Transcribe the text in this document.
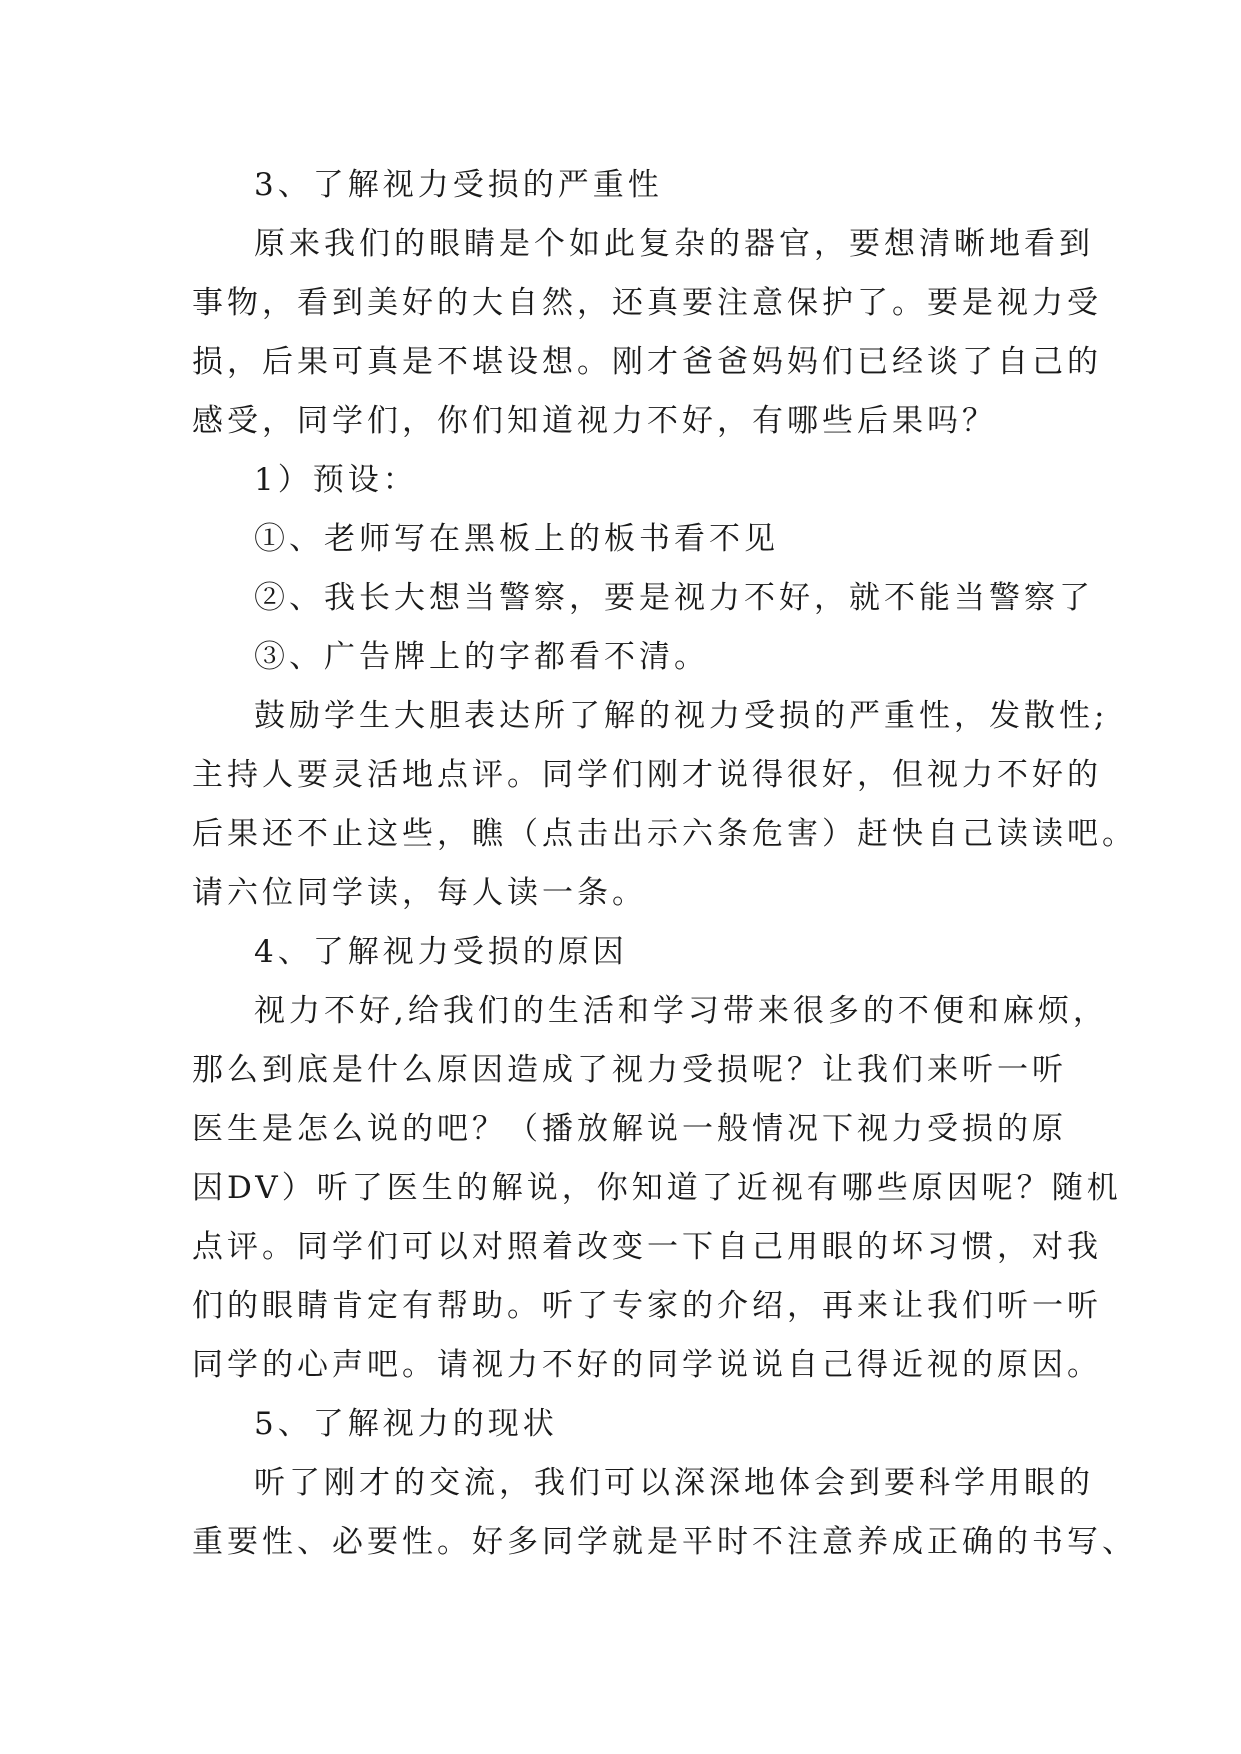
3、了解视力受损的严重性
原来我们的眼睛是个如此复杂的器官，要想清晰地看到
事物，看到美好的大自然，还真要注意保护了。要是视力受
损，后果可真是不堪设想。刚才爸爸妈妈们已经谈了自己的
感受，同学们，你们知道视力不好，有哪些后果吗？
1）预设：
①、老师写在黑板上的板书看不见
②、我长大想当警察，要是视力不好，就不能当警察了
③、广告牌上的字都看不清。
鼓励学生大胆表达所了解的视力受损的严重性，发散性;
主持人要灵活地点评。同学们刚才说得很好，但视力不好的
后果还不止这些，瞧（点击出示六条危害）赶快自己读读吧。
请六位同学读，每人读一条。
4、了解视力受损的原因
视力不好,给我们的生活和学习带来很多的不便和麻烦，
那么到底是什么原因造成了视力受损呢？让我们来听一听
医生是怎么说的吧？（播放解说一般情况下视力受损的原
因DV）听了医生的解说，你知道了近视有哪些原因呢？随机
点评。同学们可以对照着改变一下自己用眼的坏习惯，对我
们的眼睛肯定有帮助。听了专家的介绍，再来让我们听一听
同学的心声吧。请视力不好的同学说说自己得近视的原因。
5、了解视力的现状
听了刚才的交流，我们可以深深地体会到要科学用眼的
重要性、必要性。好多同学就是平时不注意养成正确的书写、
